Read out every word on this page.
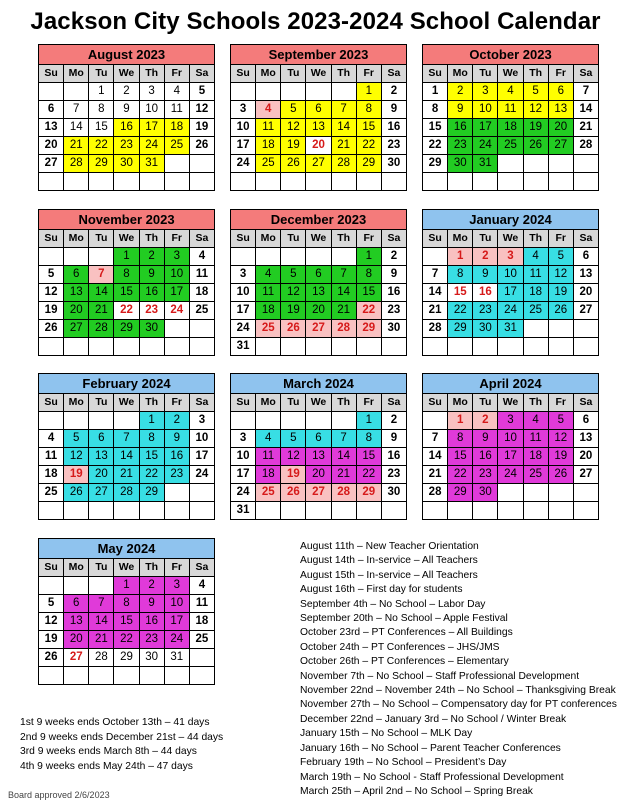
Jackson City Schools 2023-2024 School Calendar
August 2023						
Su	Mo	Tu	We	Th	Fr	Sa
		1	2	3	4	5
6	7	8	9	10	11	12
13	14	15	16	17	18	19
20	21	22	23	24	25	26
27	28	29	30	31		

September 2023						
Su	Mo	Tu	We	Th	Fr	Sa
					1	2
3	4	5	6	7	8	9
10	11	12	13	14	15	16
17	18	19	20	21	22	23
24	25	26	27	28	29	30

October 2023						
Su	Mo	Tu	We	Th	Fr	Sa
1	2	3	4	5	6	7
8	9	10	11	12	13	14
15	16	17	18	19	20	21
22	23	24	25	26	27	28
29	30	31				

November 2023						
Su	Mo	Tu	We	Th	Fr	Sa
			1	2	3	4
5	6	7	8	9	10	11
12	13	14	15	16	17	18
19	20	21	22	23	24	25
26	27	28	29	30		

December 2023						
Su	Mo	Tu	We	Th	Fr	Sa
					1	2
3	4	5	6	7	8	9
10	11	12	13	14	15	16
17	18	19	20	21	22	23
24	25	26	27	28	29	30
31						
January 2024						
Su	Mo	Tu	We	Th	Fr	Sa
	1	2	3	4	5	6
7	8	9	10	11	12	13
14	15	16	17	18	19	20
21	22	23	24	25	26	27
28	29	30	31			

February 2024						
Su	Mo	Tu	We	Th	Fr	Sa
				1	2	3
4	5	6	7	8	9	10
11	12	13	14	15	16	17
18	19	20	21	22	23	24
25	26	27	28	29		

March 2024						
Su	Mo	Tu	We	Th	Fr	Sa
					1	2
3	4	5	6	7	8	9
10	11	12	13	14	15	16
17	18	19	20	21	22	23
24	25	26	27	28	29	30
31						
April 2024						
Su	Mo	Tu	We	Th	Fr	Sa
	1	2	3	4	5	6
7	8	9	10	11	12	13
14	15	16	17	18	19	20
21	22	23	24	25	26	27
28	29	30				

May 2024						
Su	Mo	Tu	We	Th	Fr	Sa
			1	2	3	4
5	6	7	8	9	10	11
12	13	14	15	16	17	18
19	20	21	22	23	24	25
26	27	28	29	30	31	

August 11th – New Teacher Orientation
August 14th – In-service – All Teachers
August 15th – In-service – All Teachers
August 16th – First day for students
September 4th – No School – Labor Day
September 20th – No School – Apple Festival
October 23rd – PT Conferences – All Buildings
October 24th – PT Conferences – JHS/JMS
October 26th – PT Conferences – Elementary
November 7th – No School – Staff Professional Development
November 22nd – November 24th – No School – Thanksgiving Break
November 27th – No School – Compensatory day for PT conferences
December 22nd – January 3rd – No School / Winter Break
January 15th – No School – MLK Day
January 16th – No School – Parent Teacher Conferences
February 19th – No School – President’s Day
March 19th – No School - Staff Professional Development
March 25th – April 2nd – No School – Spring Break
1st 9 weeks ends October 13th – 41 days
2nd 9 weeks ends December 21st – 44 days
3rd 9 weeks ends March 8th – 44 days
4th 9 weeks ends May 24th – 47 days
Board approved 2/6/2023
